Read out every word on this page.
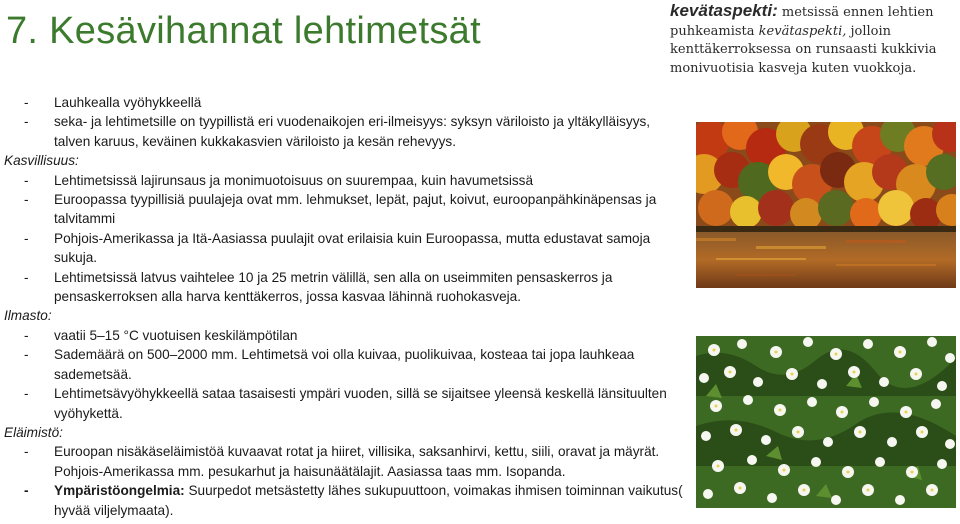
7. Kesävihannat lehtimetsät	kevätaspekti: metsissä ennen lehtien puhkeamista kevätaspekti, jolloin kenttäkerroksessa on runsaasti kukkivia monivuotisia kasveja kuten vuokkoja.
-	Lauhkealla vyöhykkeellä
-	seka- ja lehtimetsille on tyypillistä eri vuodenaikojen eri-ilmeisyys: syksyn väriloisto ja yltäkylläisyys, talven karuus, keväinen kukkakasvien väriloisto ja kesän rehevyys.
Kasvillisuus:
-	Lehtimetsissä lajirunsaus ja monimuotoisuus on suurempaa, kuin havumetsissä
-	Euroopassa tyypillisiä puulajeja ovat mm. lehmukset, lepät, pajut, koivut, euroopanpähkinäpensas ja talvitammi
-	Pohjois-Amerikassa ja Itä-Aasiassa puulajit ovat erilaisia kuin Euroopassa, mutta edustavat samoja sukuja.
-	Lehtimetsissä latvus vaihtelee 10 ja 25 metrin välillä, sen alla on useimmiten pensaskerros ja pensaskerroksen alla harva kenttäkerros, jossa kasvaa lähinnä ruohokasveja.
Ilmasto:
-	vaatii 5–15 °C vuotuisen keskilämpötilan
-	Sademäärä on 500–2000 mm. Lehtimetsä voi olla kuivaa, puolikuivaa, kosteaa tai jopa lauhkeaa sademetsää.
-	Lehtimetsävyöhykkeellä sataa tasaisesti ympäri vuoden, sillä se sijaitsee yleensä keskellä länsituulten vyöhykettä.
Eläimistö:
-	Euroopan nisäkäseläimistöä kuvaavat rotat ja hiiret, villisika, saksanhirvi, kettu, siili, oravat ja mäyrät. Pohjois-Amerikassa mm. pesukarhut ja haisunäätälajit. Aasiassa taas mm. Isopanda.
-	Ympäristöongelmia: Suurpedot metsästetty lähes sukupuuttoon, voimakas ihmisen toiminnan vaikutus( hyvää viljelymaata).
